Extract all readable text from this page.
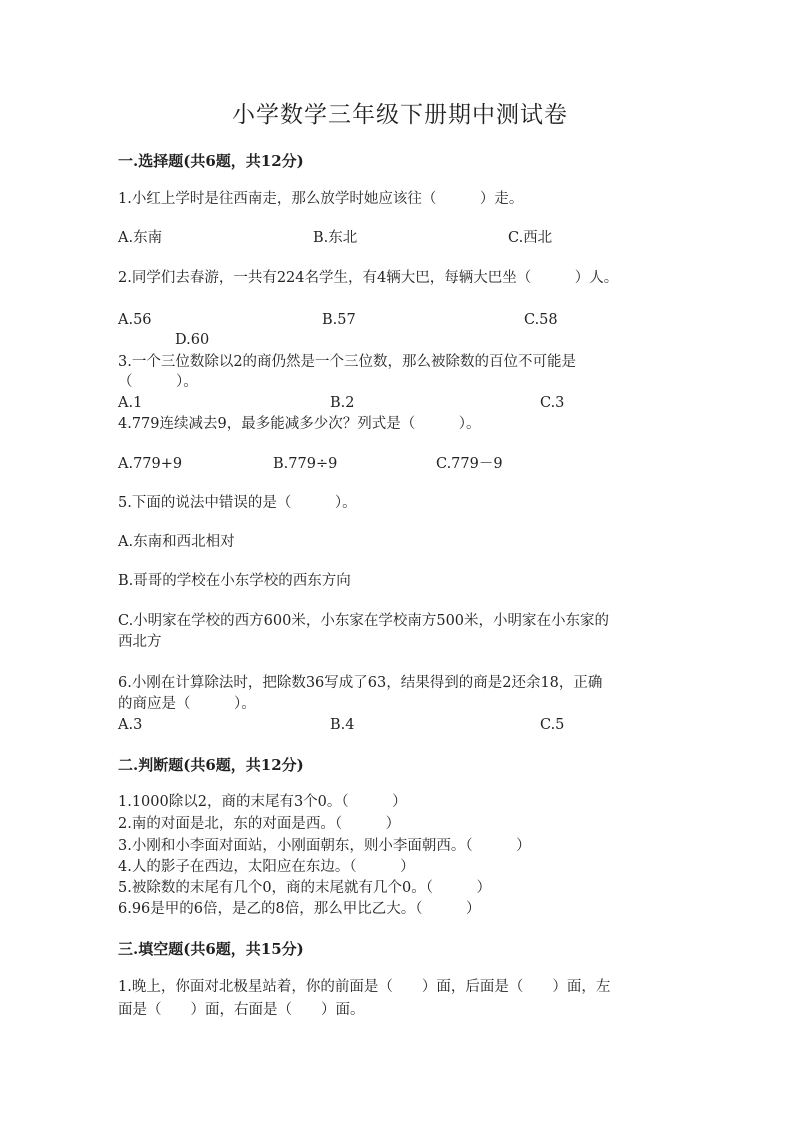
小学数学三年级下册期中测试卷
一.选择题(共6题，共12分)
1.小红上学时是往西南走，那么放学时她应该往（　　　）走。
A.东南	B.东北	C.西北
2.同学们去春游，一共有224名学生，有4辆大巴，每辆大巴坐（　　　）人。
A.56	B.57	C.58
D.60
3.一个三位数除以2的商仍然是一个三位数，那么被除数的百位不可能是
（　　　）。
A.1	B.2	C.3
4.779连续减去9，最多能减多少次？列式是（　　　）。
A.779+9	B.779÷9	C.779－9
5.下面的说法中错误的是（　　　）。
A.东南和西北相对
B.哥哥的学校在小东学校的西东方向
C.小明家在学校的西方600米，小东家在学校南方500米，小明家在小东家的
西北方
6.小刚在计算除法时，把除数36写成了63，结果得到的商是2还余18，正确
的商应是（　　　）。
A.3	B.4	C.5
二.判断题(共6题，共12分)
1.1000除以2，商的末尾有3个0。（　　　）
2.南的对面是北，东的对面是西。（　　　）
3.小刚和小李面对面站，小刚面朝东，则小李面朝西。（　　　）
4.人的影子在西边，太阳应在东边。（　　　）
5.被除数的末尾有几个0，商的末尾就有几个0。（　　　）
6.96是甲的6倍，是乙的8倍，那么甲比乙大。（　　　）
三.填空题(共6题，共15分)
1.晚上，你面对北极星站着，你的前面是（　　）面，后面是（　　）面，左
面是（　　）面，右面是（　　）面。
